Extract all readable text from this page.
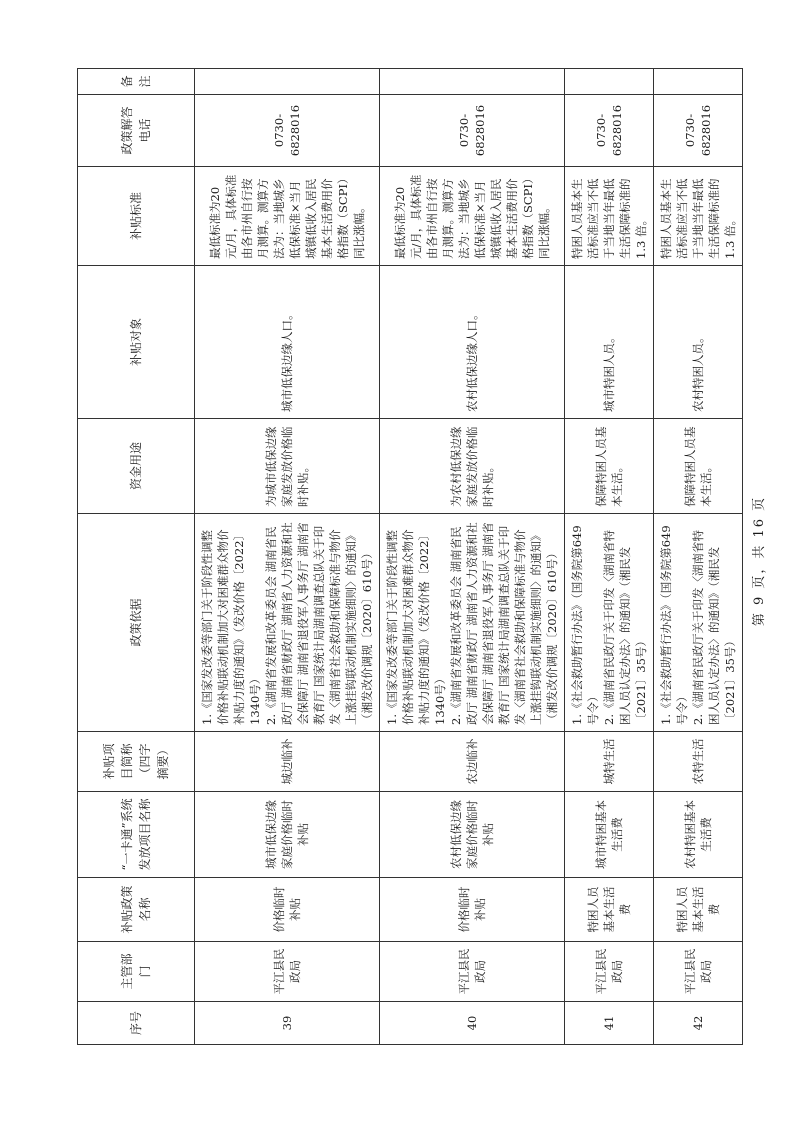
序号	主管部门	补贴政策名称	“一卡通”系统发放项目名称	补贴项目简称（四字摘要）	政策依据	资金用途	补贴对象	补贴标准	政策解答电话	备注
39	平江县民政局	价格临时补贴	城市低保边缘家庭价格临时补贴	城边临补	1.《国家发改委等部门关于阶段性调整价格补贴联动机制加大对困难群众物价补贴力度的通知》（发改价格〔2022〕1340号） 2.《湖南省发展和改革委员会 湖南省民政厅 湖南省财政厅 湖南省人力资源和社会保障厅 湖南省退役军人事务厅 湖南省教育厅 国家统计局湖南调查总队关于印发〈湖南省社会救助和保障标准与物价上涨挂钩联动机制实施细则〉的通知》（湘发改价调规〔2020〕610号）	为城市低保边缘家庭发放价格临时补贴。	城市低保边缘人口。	最低标准为20元/月，具体标准由各市州自行按月测算。测算方法为：当地城乡低保标准×当月城镇低收入居民基本生活费用价格指数（SCPI）同比涨幅。	0730-6828016	
40	平江县民政局	价格临时补贴	农村低保边缘家庭价格临时补贴	农边临补	1.《国家发改委等部门关于阶段性调整价格补贴联动机制加大对困难群众物价补贴力度的通知》（发改价格〔2022〕1340号） 2.《湖南省发展和改革委员会 湖南省民政厅 湖南省财政厅 湖南省人力资源和社会保障厅 湖南省退役军人事务厅 湖南省教育厅 国家统计局湖南调查总队关于印发〈湖南省社会救助和保障标准与物价上涨挂钩联动机制实施细则〉的通知》（湘发改价调规〔2020〕610号）	为农村低保边缘家庭发放价格临时补贴。	农村低保边缘人口。	最低标准为20元/月，具体标准由各市州自行按月测算。测算方法为：当地城乡低保标准×当月城镇低收入居民基本生活费用价格指数（SCPI）同比涨幅。	0730-6828016	
41	平江县民政局	特困人员基本生活费	城市特困基本生活费	城特生活	1.《社会救助暂行办法》（国务院第649号令） 2.《湖南省民政厅关于印发〈湖南省特困人员认定办法〉的通知》（湘民发〔2021〕35号）	保障特困人员基本生活。	城市特困人员。	特困人员基本生活标准应当不低于当地当年最低生活保障标准的 1.3 倍。	0730-6828016	
42	平江县民政局	特困人员基本生活费	农村特困基本生活费	农特生活	1.《社会救助暂行办法》（国务院第649号令） 2.《湖南省民政厅关于印发〈湖南省特困人员认定办法〉的通知》（湘民发〔2021〕35号）	保障特困人员基本生活。	农村特困人员。	特困人员基本生活标准应当不低于当地当年最低生活保障标准的 1.3 倍。	0730-6828016	
第 9 页，共 16 页
